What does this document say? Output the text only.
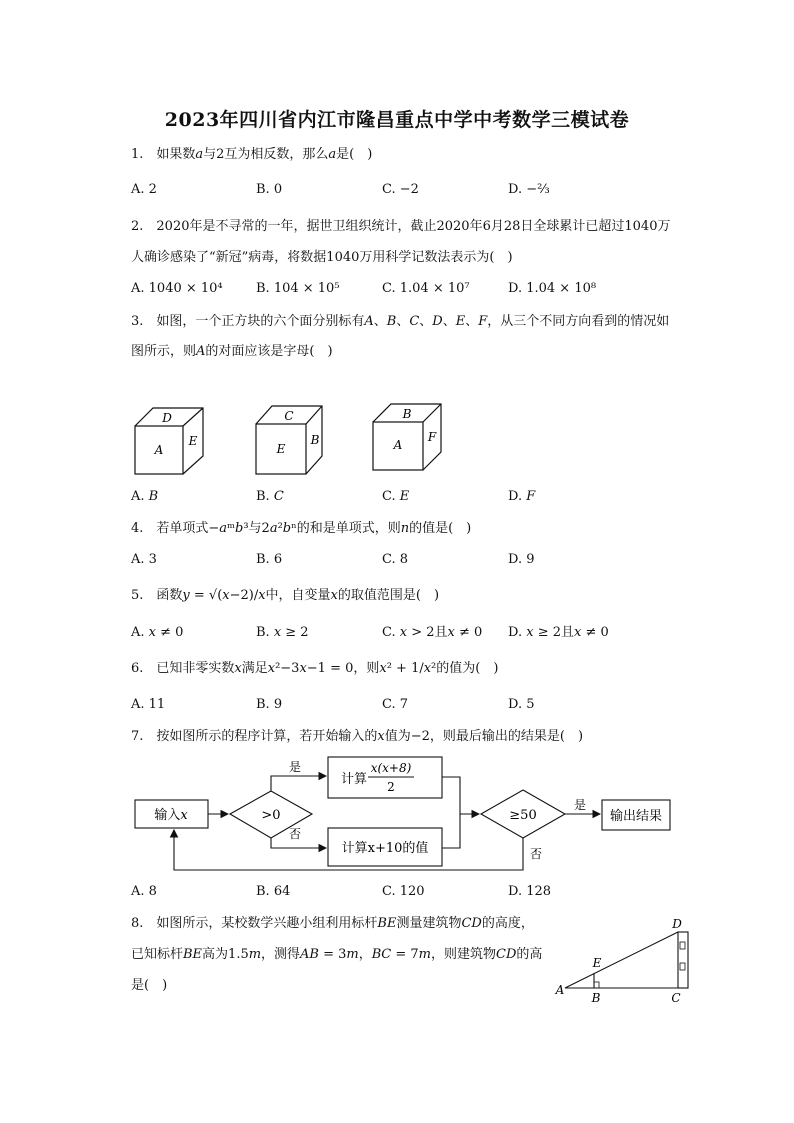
2023年四川省内江市隆昌重点中学中考数学三模试卷
1.　如果数𝑎与2互为相反数，那么𝑎是(　)
A. 2	B. 0	C. −2	D. −⅔
2.　2020年是不寻常的一年，据世卫组织统计，截止2020年6月28日全球累计已超过1040万
人确诊感染了“新冠”病毒，将数据1040万用科学记数法表示为(　)
A. 1040 × 10⁴	B. 104 × 10⁵	C. 1.04 × 10⁷	D. 1.04 × 10⁸
3.　如图，一个正方块的六个面分别标有𝐴、𝐵、𝐶、𝐷、𝐸、𝐹，从三个不同方向看到的情况如
图所示，则𝐴的对面应该是字母(　)
D
A
E
C
E
B
B
A
F
A. 𝐵	B. 𝐶	C. 𝐸	D. 𝐹
4.　若单项式−𝑎ᵐ𝑏³与2𝑎²𝑏ⁿ的和是单项式，则𝑛的值是(　)
A. 3	B. 6	C. 8	D. 9
5.　函数𝑦 = √(𝑥−2)/𝑥中，自变量𝑥的取值范围是(　)
A. 𝑥 ≠ 0	B. 𝑥 ≥ 2	C. 𝑥 > 2且𝑥 ≠ 0 D. 𝑥 ≥ 2且𝑥 ≠ 0
6.　已知非零实数𝑥满足𝑥²−3𝑥−1 = 0，则𝑥² + 1/𝑥²的值为(　)
A. 11	B. 9	C. 7	D. 5
7.　按如图所示的程序计算，若开始输入的𝑥值为−2，则最后输出的结果是(　)
输入𝑥	>0
是
计算
x(x+8)
2
否
计算x+10的值
≥50
是
输出结果
否
A. 8	B. 64	C. 120	D. 128
8.　如图所示，某校数学兴趣小组利用标杆𝐵𝐸测量建筑物𝐶𝐷的高度，
已知标杆𝐵𝐸高为1.5𝑚，测得𝐴𝐵 = 3𝑚，𝐵𝐶 = 7𝑚，则建筑物𝐶𝐷的高
是(　)	A
B	C
D
E
